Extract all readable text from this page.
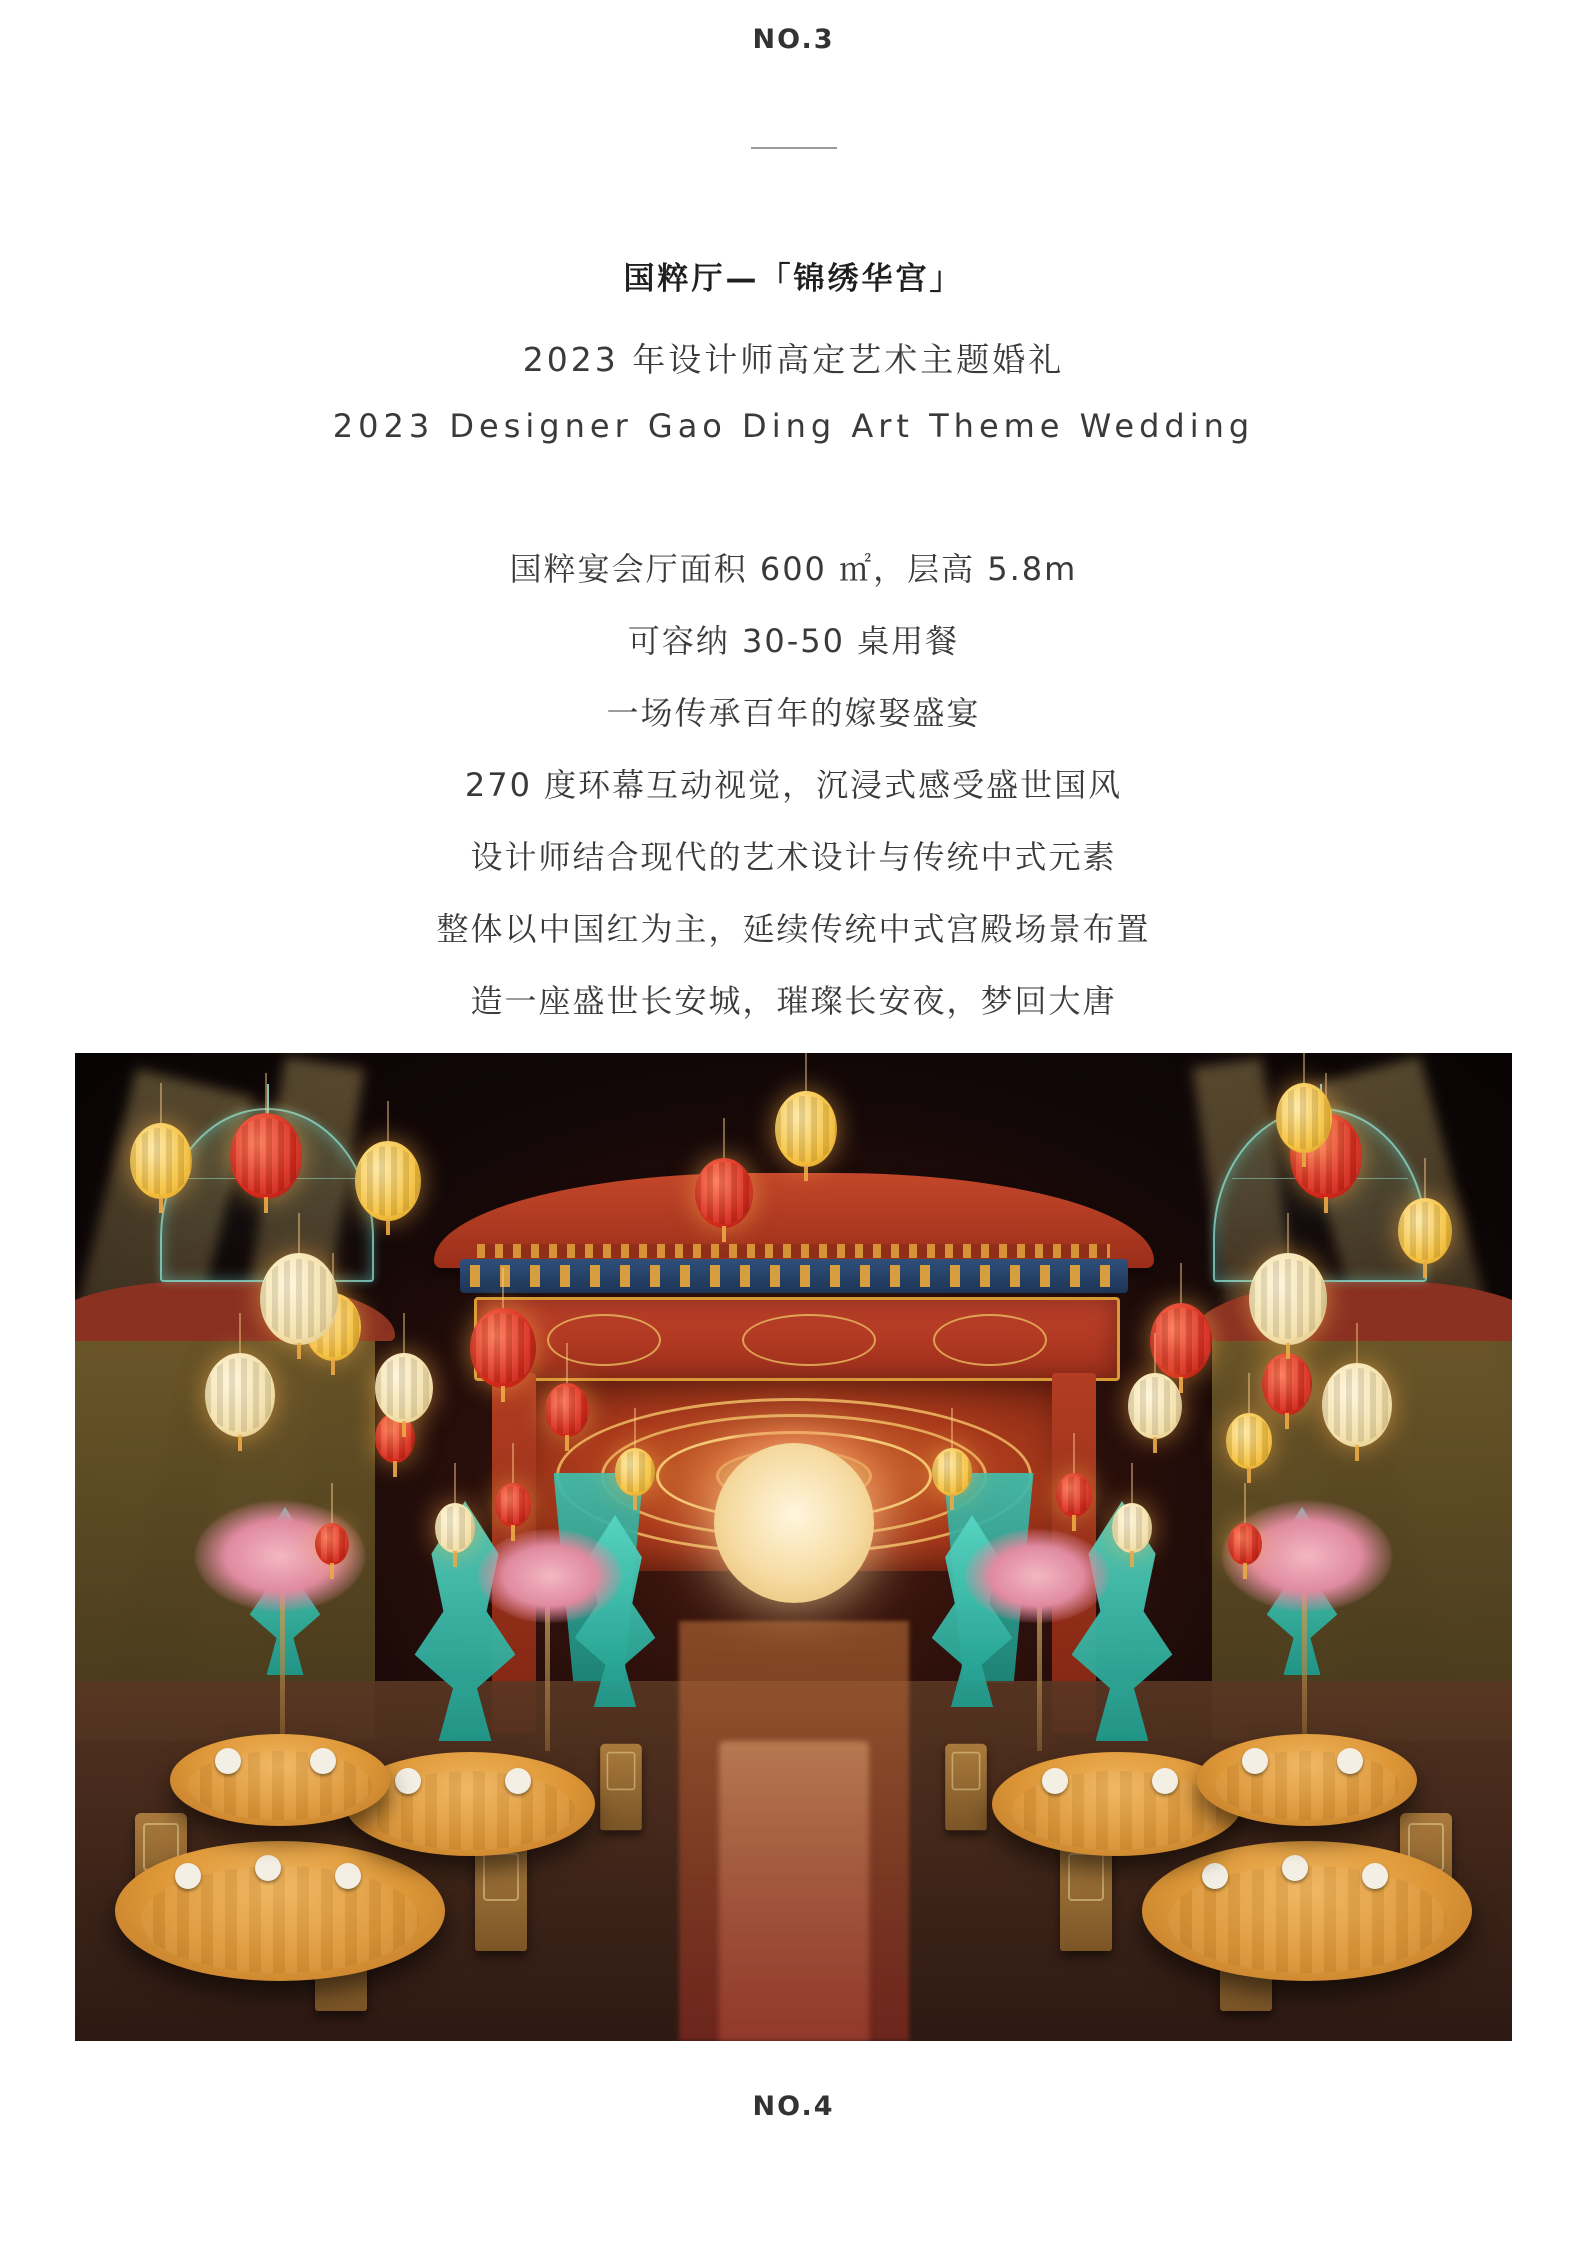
NO.3
国粹厅—「锦绣华宫」
2023 年设计师高定艺术主题婚礼
2023 Designer Gao Ding Art Theme Wedding
国粹宴会厅面积 600 ㎡，层高 5.8m
可容纳 30-50 桌用餐
一场传承百年的嫁娶盛宴
270 度环幕互动视觉，沉浸式感受盛世国风
设计师结合现代的艺术设计与传统中式元素
整体以中国红为主，延续传统中式宫殿场景布置
造一座盛世长安城，璀璨长安夜，梦回大唐
NO.4
